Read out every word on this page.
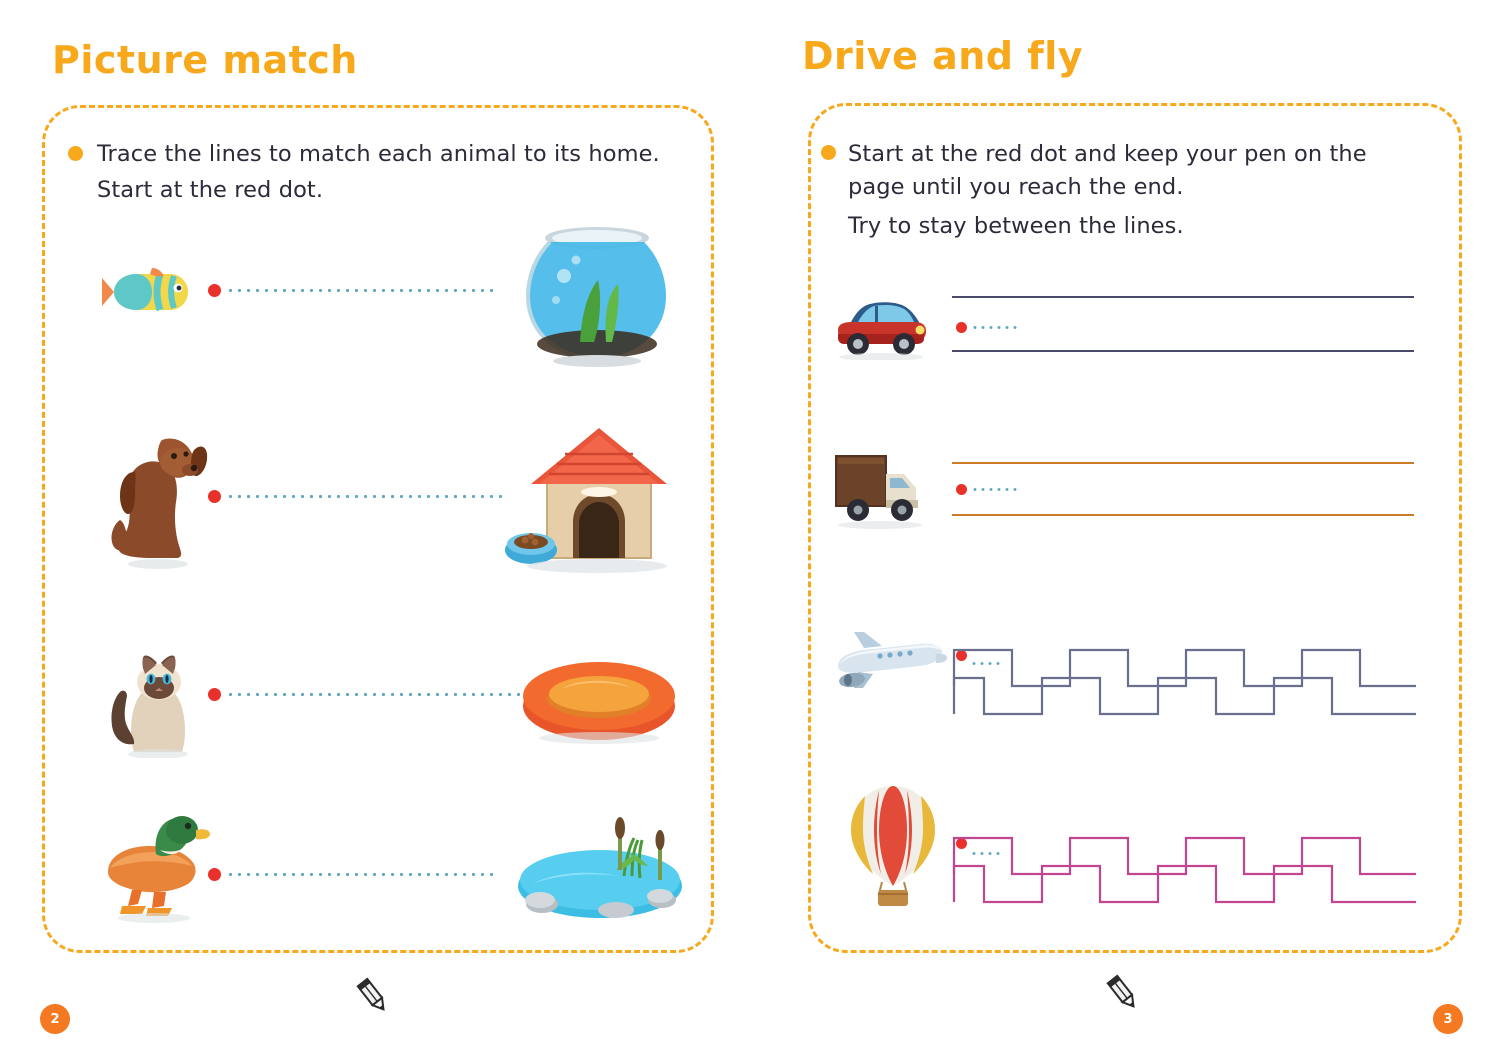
Picture match
Trace the lines to match each animal to its home.
Start at the red dot.
2
Drive and fly
Start at the red dot and keep your pen on the
page until you reach the end.
Try to stay between the lines.
3
